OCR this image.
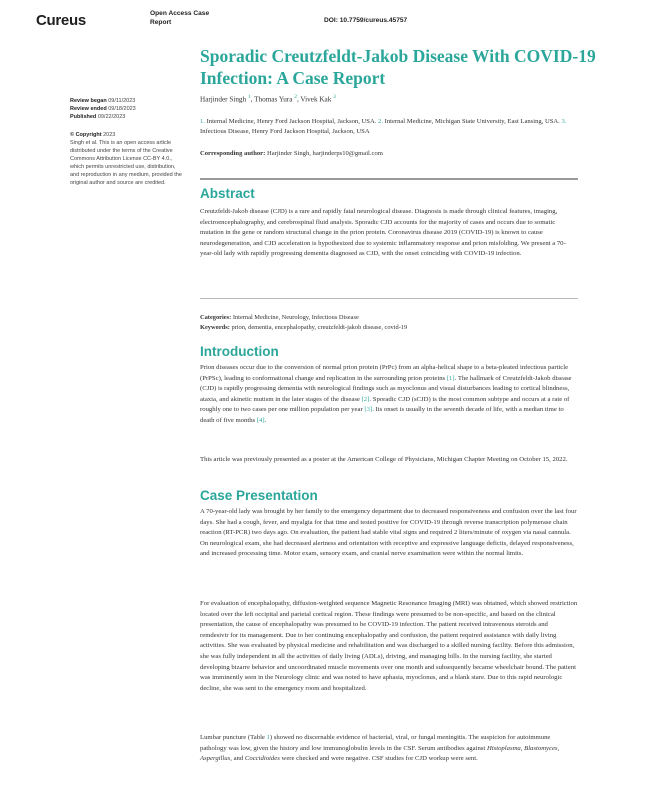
Cureus	Open Access Case
Report	DOI: 10.7759/cureus.45757
Sporadic Creutzfeldt-Jakob Disease With COVID-19 Infection: A Case Report
Harjinder Singh $^1$, Thomas Yura $^2$, Vivek Kak $^3$
1. Internal Medicine, Henry Ford Jackson Hospital, Jackson, USA. 2. Internal Medicine, Michigan State University, East Lansing, USA. 3. Infectious Disease, Henry Ford Jackson Hospital, Jackson, USA
Corresponding author: Harjinder Singh, harjinderps10@gmail.com
Review began 09/11/2023
Review ended 09/18/2023
Published 09/22/2023
© Copyright 2023
Singh et al. This is an open access article distributed under the terms of the Creative Commons Attribution License CC-BY 4.0., which permits unrestricted use, distribution, and reproduction in any medium, provided the original author and source are credited.
Abstract
Creutzfeldt-Jakob disease (CJD) is a rare and rapidly fatal neurological disease. Diagnosis is made through clinical features, imaging, electroencephalography, and cerebrospinal fluid analysis. Sporadic CJD accounts for the majority of cases and occurs due to somatic mutation in the gene or random structural change in the prion protein. Coronavirus disease 2019 (COVID-19) is known to cause neurodegeneration, and CJD acceleration is hypothesized due to systemic inflammatory response and prion misfolding. We present a 70-year-old lady with rapidly progressing dementia diagnosed as CJD, with the onset coinciding with COVID-19 infection.
Categories: Internal Medicine, Neurology, Infectious Disease
Keywords: prion, dementia, encephalopathy, creutzfeldt-jakob disease, covid-19
Introduction
Prion diseases occur due to the conversion of normal prion protein (PrPc) from an alpha-helical shape to a beta-pleated infectious particle (PrPSc), leading to conformational change and replication in the surrounding prion proteins [1]. The hallmark of Creutzfeldt-Jakob disease (CJD) is rapidly progressing dementia with neurological findings such as myoclonus and visual disturbances leading to cortical blindness, ataxia, and akinetic mutism in the later stages of the disease [2]. Sporadic CJD (sCJD) is the most common subtype and occurs at a rate of roughly one to two cases per one million population per year [3]. Its onset is usually in the seventh decade of life, with a median time to death of five months [4].
This article was previously presented as a poster at the American College of Physicians, Michigan Chapter Meeting on October 15, 2022.
Case Presentation
A 70-year-old lady was brought by her family to the emergency department due to decreased responsiveness and confusion over the last four days. She had a cough, fever, and myalgia for that time and tested positive for COVID-19 through reverse transcription polymerase chain reaction (RT-PCR) two days ago. On evaluation, the patient had stable vital signs and required 2 liters/minute of oxygen via nasal cannula. On neurological exam, she had decreased alertness and orientation with receptive and expressive language deficits, delayed responsiveness, and increased processing time. Motor exam, sensory exam, and cranial nerve examination were within the normal limits.
For evaluation of encephalopathy, diffusion-weighted sequence Magnetic Resonance Imaging (MRI) was obtained, which showed restriction located over the left occipital and parietal cortical region. These findings were presumed to be non-specific, and based on the clinical presentation, the cause of encephalopathy was presumed to be COVID-19 infection. The patient received intravenous steroids and remdesivir for its management. Due to her continuing encephalopathy and confusion, the patient required assistance with daily living activities. She was evaluated by physical medicine and rehabilitation and was discharged to a skilled nursing facility. Before this admission, she was fully independent in all the activities of daily living (ADLs), driving, and managing bills. In the nursing facility, she started developing bizarre behavior and uncoordinated muscle movements over one month and subsequently became wheelchair bound. The patient was imminently seen in the Neurology clinic and was noted to have aphasia, myoclonus, and a blank stare. Due to this rapid neurologic decline, she was sent to the emergency room and hospitalized.
Lumbar puncture (Table 1) showed no discernable evidence of bacterial, viral, or fungal meningitis. The suspicion for autoimmune pathology was low, given the history and low immunoglobulin levels in the CSF. Serum antibodies against Histoplasma, Blastomyces, Aspergillus, and Coccidioides were checked and were negative. CSF studies for CJD workup were sent.
